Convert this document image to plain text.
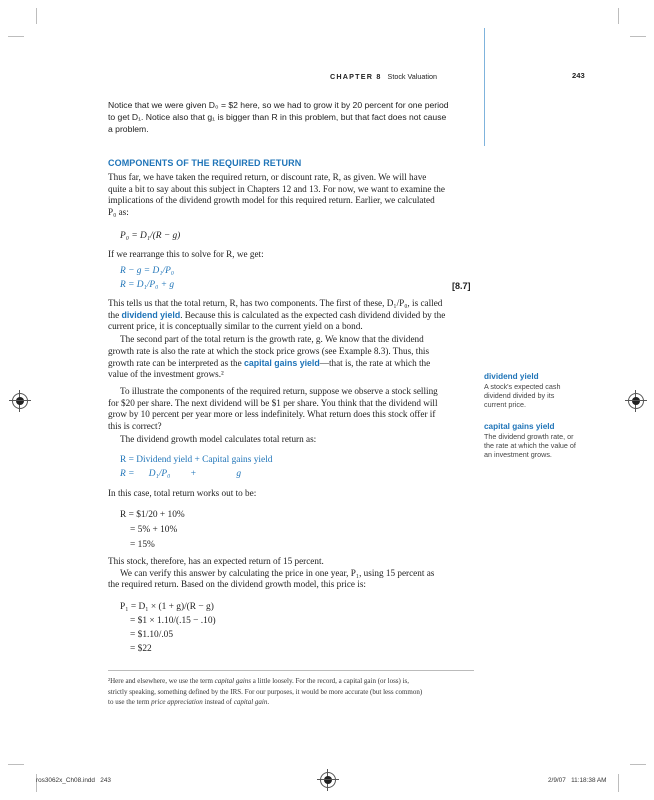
CHAPTER 8 Stock Valuation	243
Notice that we were given D₀ = $2 here, so we had to grow it by 20 percent for one period
to get D₁. Notice also that g₁ is bigger than R in this problem, but that fact does not cause
a problem.
COMPONENTS OF THE REQUIRED RETURN
Thus far, we have taken the required return, or discount rate, R, as given. We will have
quite a bit to say about this subject in Chapters 12 and 13. For now, we want to examine the
implications of the dividend growth model for this required return. Earlier, we calculated
P₀ as:
P₀ = D₁/(R − g)
If we rearrange this to solve for R, we get:
R − g = D₁/P₀
R = D₁/P₀ + g	[8.7]
This tells us that the total return, R, has two components. The first of these, D₁/P₀, is called
the dividend yield. Because this is calculated as the expected cash dividend divided by the
current price, it is conceptually similar to the current yield on a bond.
The second part of the total return is the growth rate, g. We know that the dividend
growth rate is also the rate at which the stock price grows (see Example 8.3). Thus, this
growth rate can be interpreted as the capital gains yield—that is, the rate at which the
value of the investment grows.²
To illustrate the components of the required return, suppose we observe a stock selling
for $20 per share. The next dividend will be $1 per share. You think that the dividend will
grow by 10 percent per year more or less indefinitely. What return does this stock offer if
this is correct?
The dividend growth model calculates total return as:
R = Dividend yield + Capital gains yield
R = D₁/P₀ +	g
In this case, total return works out to be:
R = $1/20 + 10%
= 5% + 10%
= 15%
This stock, therefore, has an expected return of 15 percent.
We can verify this answer by calculating the price in one year, P₁, using 15 percent as
the required return. Based on the dividend growth model, this price is:
P₁ = D₁ × (1 + g)/(R − g)
= $1 × 1.10/(.15 − .10)
= $1.10/.05
= $22
²Here and elsewhere, we use the term capital gains a little loosely. For the record, a capital gain (or loss) is,
strictly speaking, something defined by the IRS. For our purposes, it would be more accurate (but less common)
to use the term price appreciation instead of capital gain.
dividend yield
A stock's expected cash dividend divided by its current price.
capital gains yield
The dividend growth rate, or the rate at which the value of an investment grows.
ros3062x_Ch08.indd   243	2/9/07   11:18:38 AM
